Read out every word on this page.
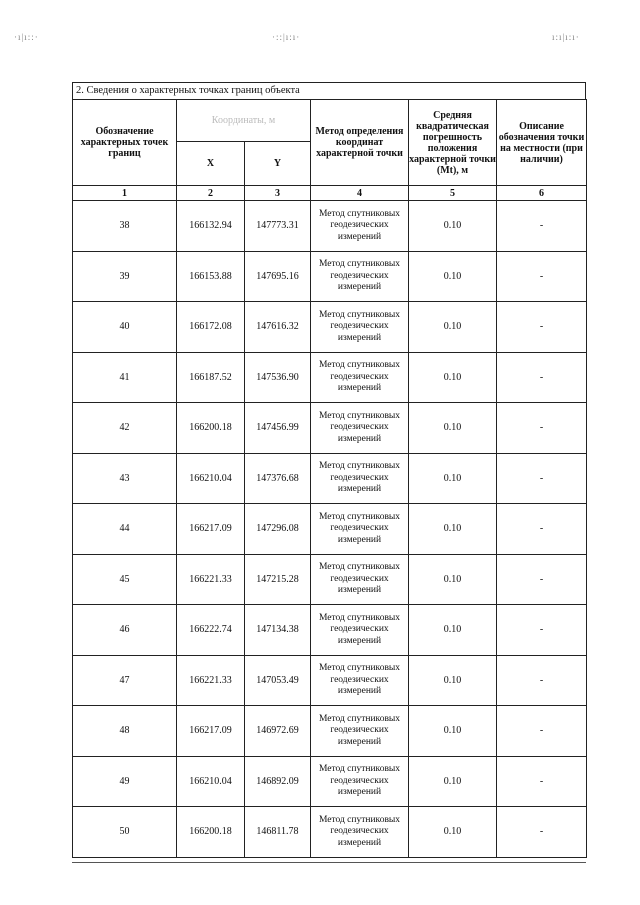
·ı|ı::·	·::|ı:ı·	ı:ı|ı:ı·
2. Сведения о характерных точках границ объекта
Обозначение характерных точек границ	Координаты, м		Метод определения координат характерной точки	Средняя квадратическая погрешность положения характерной точки (Mt), м	Описание обозначения точки на местности (при наличии)
	X	Y			
1	2	3	4	5	6
38	166132.94	147773.31	Метод спутниковых геодезических измерений	0.10	-
39	166153.88	147695.16	Метод спутниковых геодезических измерений	0.10	-
40	166172.08	147616.32	Метод спутниковых геодезических измерений	0.10	-
41	166187.52	147536.90	Метод спутниковых геодезических измерений	0.10	-
42	166200.18	147456.99	Метод спутниковых геодезических измерений	0.10	-
43	166210.04	147376.68	Метод спутниковых геодезических измерений	0.10	-
44	166217.09	147296.08	Метод спутниковых геодезических измерений	0.10	-
45	166221.33	147215.28	Метод спутниковых геодезических измерений	0.10	-
46	166222.74	147134.38	Метод спутниковых геодезических измерений	0.10	-
47	166221.33	147053.49	Метод спутниковых геодезических измерений	0.10	-
48	166217.09	146972.69	Метод спутниковых геодезических измерений	0.10	-
49	166210.04	146892.09	Метод спутниковых геодезических измерений	0.10	-
50	166200.18	146811.78	Метод спутниковых геодезических измерений	0.10	-
